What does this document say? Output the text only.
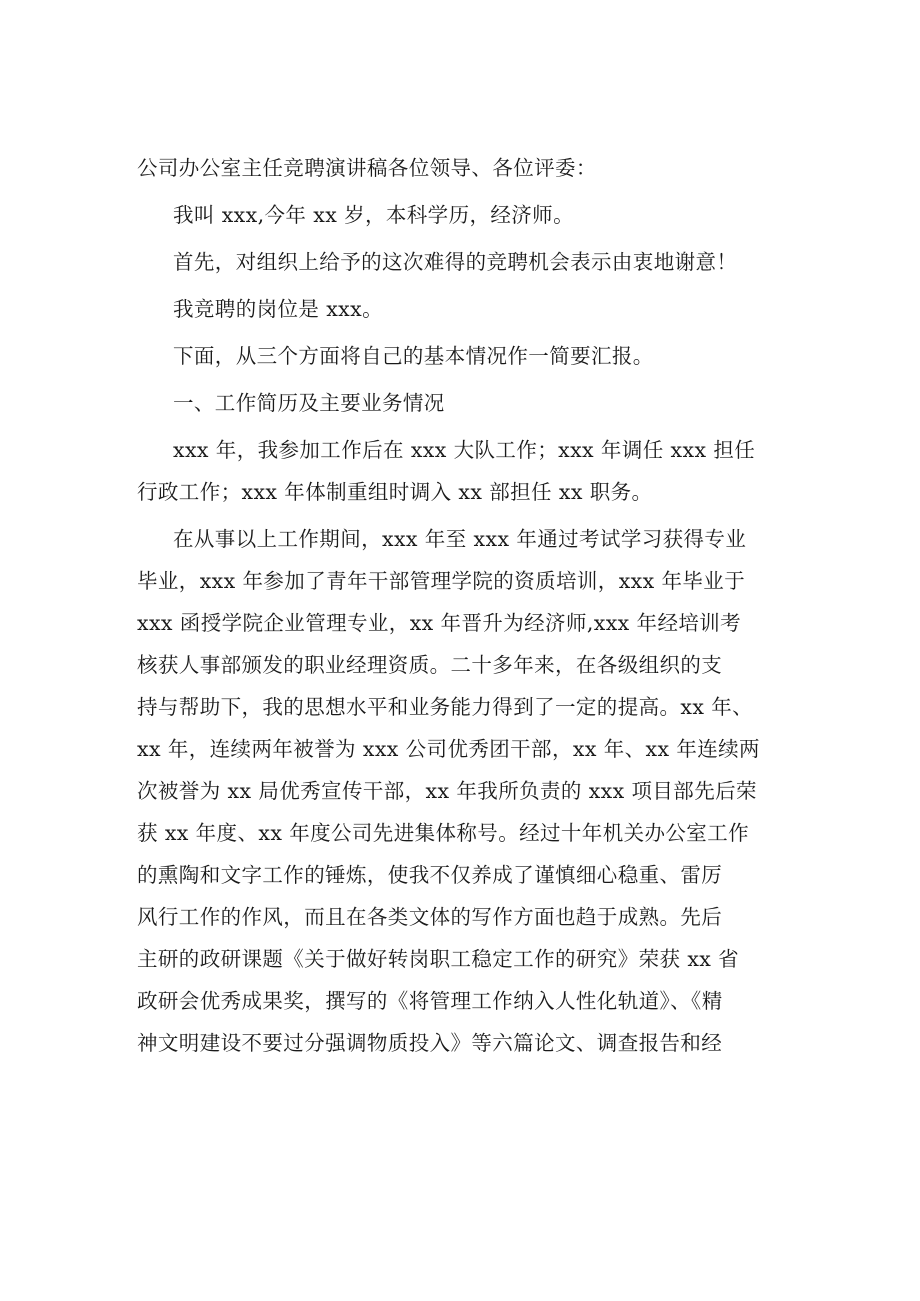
公司办公室主任竞聘演讲稿各位领导、各位评委：

我叫 xxx,今年 xx 岁，本科学历，经济师。

首先，对组织上给予的这次难得的竞聘机会表示由衷地谢意！

我竞聘的岗位是 xxx。

下面，从三个方面将自己的基本情况作一简要汇报。

一、工作简历及主要业务情况

xxx 年，我参加工作后在 xxx 大队工作；xxx 年调任 xxx 担任

行政工作；xxx 年体制重组时调入 xx 部担任 xx 职务。

在从事以上工作期间，xxx 年至 xxx 年通过考试学习获得专业

毕业，xxx 年参加了青年干部管理学院的资质培训，xxx 年毕业于

xxx 函授学院企业管理专业，xx 年晋升为经济师,xxx 年经培训考

核获人事部颁发的职业经理资质。二十多年来，在各级组织的支

持与帮助下，我的思想水平和业务能力得到了一定的提高。xx 年、

xx 年，连续两年被誉为 xxx 公司优秀团干部，xx 年、xx 年连续两

次被誉为 xx 局优秀宣传干部，xx 年我所负责的 xxx 项目部先后荣

获 xx 年度、xx 年度公司先进集体称号。经过十年机关办公室工作

的熏陶和文字工作的锤炼，使我不仅养成了谨慎细心稳重、雷厉

风行工作的作风，而且在各类文体的写作方面也趋于成熟。先后

主研的政研课题《关于做好转岗职工稳定工作的研究》荣获 xx 省

政研会优秀成果奖，撰写的《将管理工作纳入人性化轨道》、《精

神文明建设不要过分强调物质投入》等六篇论文、调查报告和经
